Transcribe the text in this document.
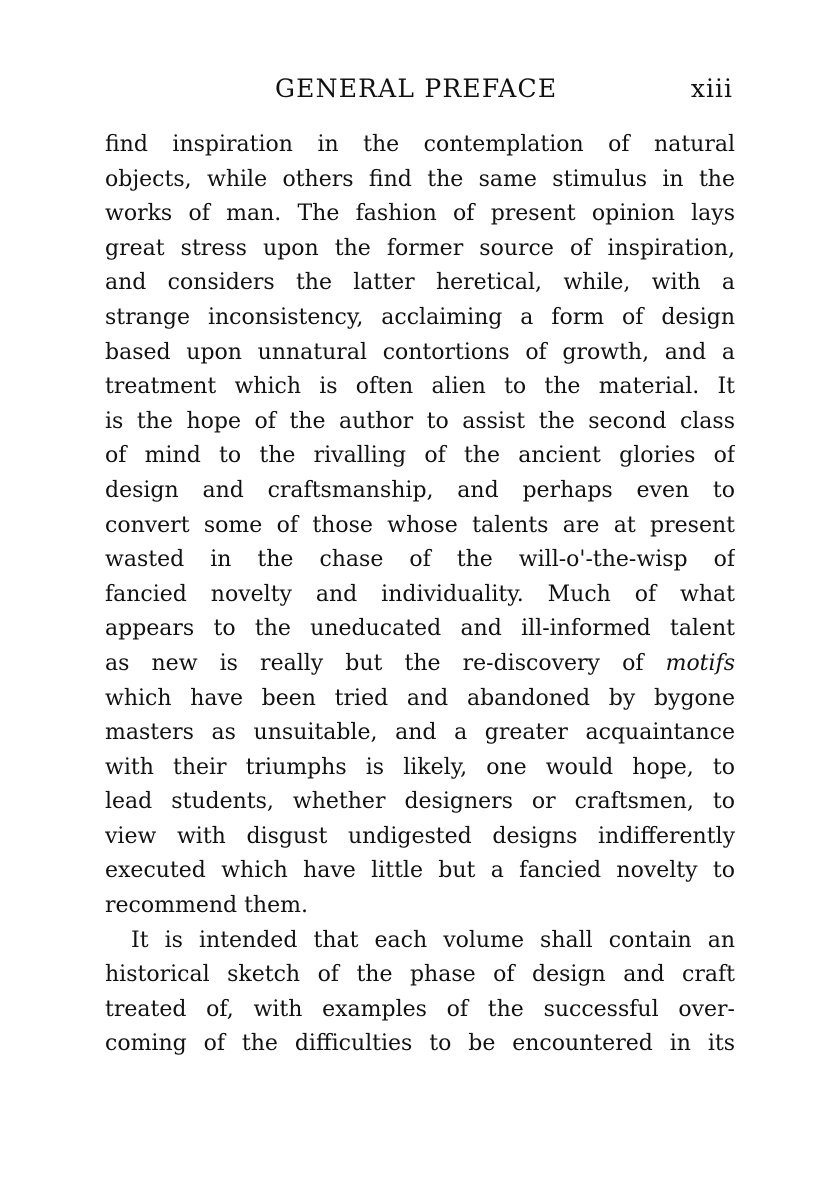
GENERAL PREFACE	xiii
find inspiration in the contemplation of natural
objects, while others find the same stimulus in the
works of man. The fashion of present opinion lays
great stress upon the former source of inspiration,
and considers the latter heretical, while, with a
strange inconsistency, acclaiming a form of design
based upon unnatural contortions of growth, and a
treatment which is often alien to the material. It
is the hope of the author to assist the second class
of mind to the rivalling of the ancient glories of
design and craftsmanship, and perhaps even to
convert some of those whose talents are at present
wasted in the chase of the will-o'-the-wisp of
fancied novelty and individuality. Much of what
appears to the uneducated and ill-informed talent
as new is really but the re-discovery of motifs
which have been tried and abandoned by bygone
masters as unsuitable, and a greater acquaintance
with their triumphs is likely, one would hope, to
lead students, whether designers or craftsmen, to
view with disgust undigested designs indifferently
executed which have little but a fancied novelty to
recommend them.
It is intended that each volume shall contain an
historical sketch of the phase of design and craft
treated of, with examples of the successful over-
coming of the difficulties to be encountered in its
